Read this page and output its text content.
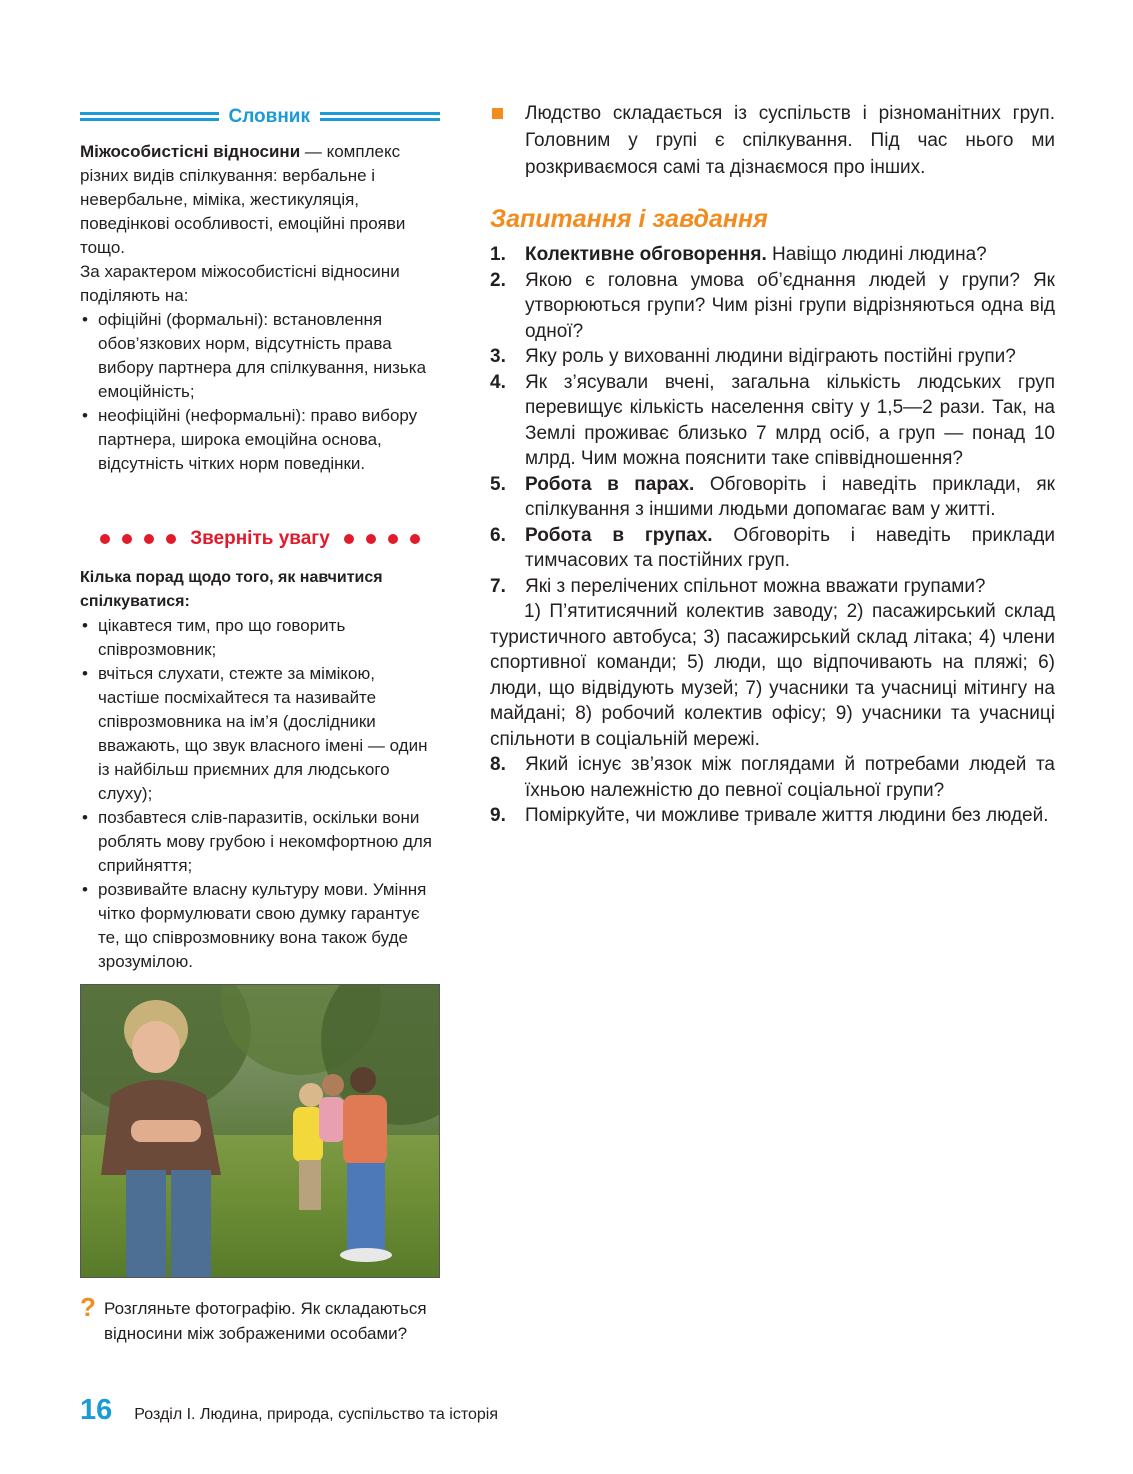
Словник

Міжособистісні відносини — комплекс різних видів спілкування: вербальне і невербальне, міміка, жестикуляція, поведінкові особливості, емоційні прояви тощо.

За характером міжособистісні відносини поділяють на:

• офіційні (формальні): встановлення обов’язкових норм, відсутність права вибору партнера для спілкування, низька емоційність;
• неофіційні (неформальні): право вибору партнера, широка емоційна основа, відсутність чітких норм поведінки.
Зверніть увагу

Кілька порад щодо того, як навчитися спілкуватися:

• цікавтеся тим, про що говорить співрозмовник;
• вчіться слухати, стежте за мімікою, частіше посміхайтеся та називайте співрозмовника на ім’я (дослідники вважають, що звук власного імені — один із найбільш приємних для людського слуху);
• позбавтеся слів-паразитів, оскільки вони роблять мову грубою і некомфортною для сприйняття;
• розвивайте власну культуру мови. Уміння чітко формулювати свою думку гарантує те, що співрозмовнику вона також буде зрозумілою.
? Розгляньте фотографію. Як складаються відносини між зображеними особами?
Людство складається із суспільств і різноманітних груп. Головним у групі є спілкування. Під час нього ми розкриваємося самі та дізнаємося про інших.
Запитання і завдання
1. Колективне обговорення. Навіщо людині людина?
2. Якою є головна умова об’єднання людей у групи? Як утворюються групи? Чим різні групи відрізняються одна від одної?
3. Яку роль у вихованні людини відіграють постійні групи?
4. Як з’ясували вчені, загальна кількість людських груп перевищує кількість населення світу у 1,5—2 рази. Так, на Землі проживає близько 7 млрд осіб, а груп — понад 10 млрд. Чим можна пояснити таке співвідношення?
5. Робота в парах. Обговоріть і наведіть приклади, як спілкування з іншими людьми допомагає вам у житті.
6. Робота в групах. Обговоріть і наведіть приклади тимчасових та постійних груп.
7. Які з перелічених спільнот можна вважати групами?
1) П’ятитисячний колектив заводу; 2) пасажирський склад туристичного автобуса; 3) пасажирський склад літака; 4) члени спортивної команди; 5) люди, що відпочивають на пляжі; 6) люди, що відвідують музей; 7) учасники та учасниці мітингу на майдані; 8) робочий колектив офісу; 9) учасники та учасниці спільноти в соціальній мережі.
8. Який існує зв’язок між поглядами й потребами людей та їхньою належністю до певної соціальної групи?
9. Поміркуйте, чи можливе тривале життя людини без людей.
16 Розділ I. Людина, природа, суспільство та історія
